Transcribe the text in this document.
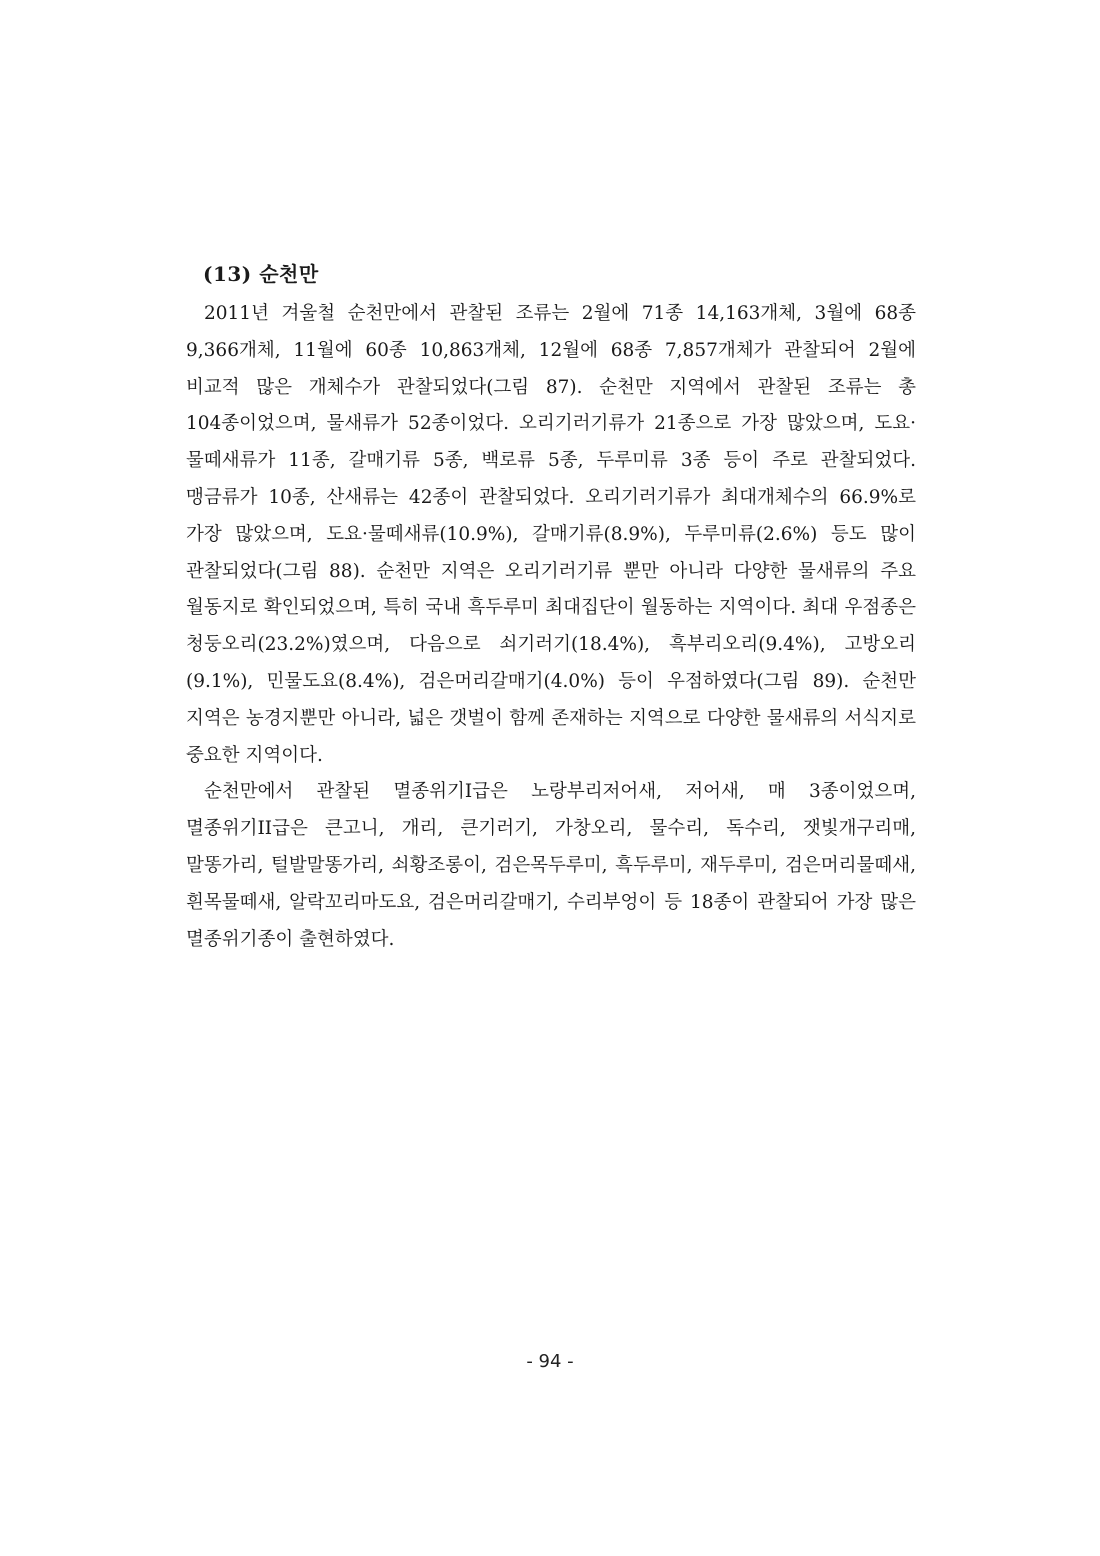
(13) 순천만

2011년 겨울철 순천만에서 관찰된 조류는 2월에 71종 14,163개체, 3월에 68종 9,366개체, 11월에 60종 10,863개체, 12월에 68종 7,857개체가 관찰되어 2월에 비교적 많은 개체수가 관찰되었다(그림 87). 순천만 지역에서 관찰된 조류는 총 104종이었으며, 물새류가 52종이었다. 오리기러기류가 21종으로 가장 많았으며, 도요·물떼새류가 11종, 갈매기류 5종, 백로류 5종, 두루미류 3종 등이 주로 관찰되었다. 맹금류가 10종, 산새류는 42종이 관찰되었다. 오리기러기류가 최대개체수의 66.9%로 가장 많았으며, 도요·물떼새류(10.9%), 갈매기류(8.9%), 두루미류(2.6%) 등도 많이 관찰되었다(그림 88). 순천만 지역은 오리기러기류 뿐만 아니라 다양한 물새류의 주요 월동지로 확인되었으며, 특히 국내 흑두루미 최대집단이 월동하는 지역이다. 최대 우점종은 청둥오리(23.2%)였으며, 다음으로 쇠기러기(18.4%), 흑부리오리(9.4%), 고방오리(9.1%), 민물도요(8.4%), 검은머리갈매기(4.0%) 등이 우점하였다(그림 89). 순천만 지역은 농경지뿐만 아니라, 넓은 갯벌이 함께 존재하는 지역으로 다양한 물새류의 서식지로 중요한 지역이다.

순천만에서 관찰된 멸종위기I급은 노랑부리저어새, 저어새, 매 3종이었으며, 멸종위기II급은 큰고니, 개리, 큰기러기, 가창오리, 물수리, 독수리, 잿빛개구리매, 말똥가리, 털발말똥가리, 쇠황조롱이, 검은목두루미, 흑두루미, 재두루미, 검은머리물떼새, 흰목물떼새, 알락꼬리마도요, 검은머리갈매기, 수리부엉이 등 18종이 관찰되어 가장 많은 멸종위기종이 출현하였다.

- 94 -
